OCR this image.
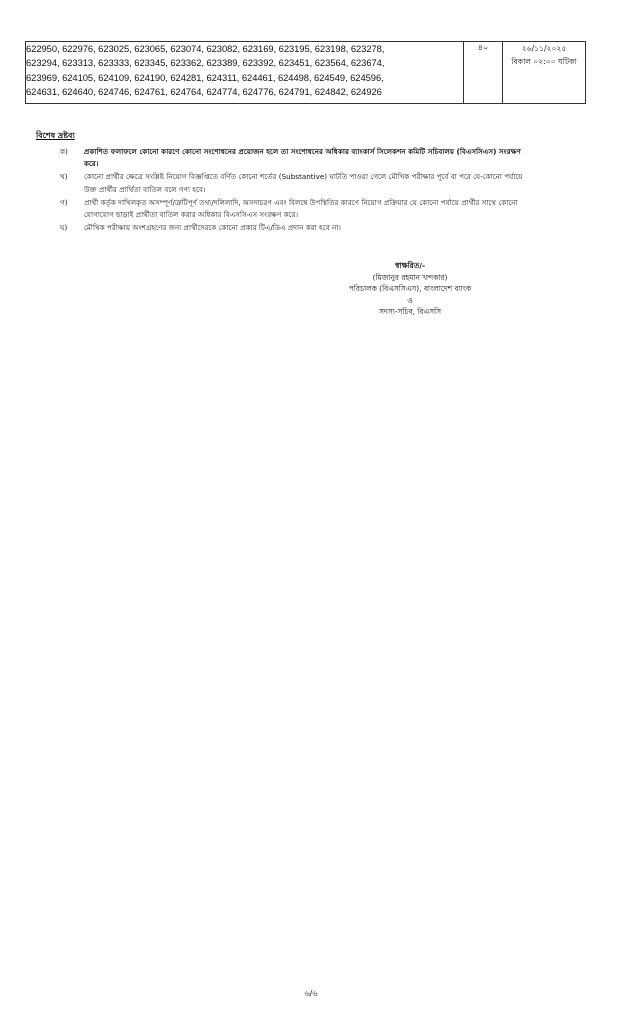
622950, 622976, 623025, 623065, 623074, 623082, 623169, 623195, 623198, 623278,
623294, 623313, 623333, 623345, 623362, 623389, 623392, 623451, 623564, 623674,
623969, 624105, 624109, 624190, 624281, 624311, 624461, 624498, 624549, 624596,
624631, 624640, 624746, 624761, 624764, 624774, 624776, 624791, 624842, 624926
	৪০	২৬/১১/২০২৫
বিকাল ০২:০০ ঘটিকা
বিশেষ দ্রষ্টব্য
ক)	প্রকাশিত ফলাফলে কোনো কারণে কোনো সংশোধনের প্রয়োজন হলে তা সংশোধনের অধিকার ব্যাংকার্স সিলেকশন কমিটি সচিবালয় (বিএসসিএস) সংরক্ষণ করে।
খ)	কোনো প্রার্থীর ক্ষেত্রে সংশ্লিষ্ট নিয়োগ বিজ্ঞপ্তিতে বর্ণিত কোনো শর্তের (Substantive) ঘাটতি পাওয়া গেলে মৌখিক পরীক্ষার পূর্বে বা পরে যে-কোনো পর্যায়ে উক্ত প্রার্থীর প্রার্থিতা বাতিল বলে গণ্য হবে।
গ)	প্রার্থী কর্তৃক দাখিলকৃত অসম্পূর্ণ/ত্রুটিপূর্ণ তথ্য/দলিলাদি, অসদাচরণ এবং বিলম্বে উপস্থিতির কারণে নিয়োগ প্রক্রিয়ার যে কোনো পর্যায়ে প্রার্থীর সাথে কোনো যোগাযোগ ছাড়াই প্রার্থীতা বাতিল করার অধিকার বিএসসিএস সংরক্ষণ করে।
ঘ)	মৌখিক পরীক্ষায় অংশগ্রহণের জন্য প্রার্থীদেরকে কোনো প্রকার টিএ/ডিএ প্রদান করা হবে না।
স্বাক্ষরিত/-
(মিজানুর রহমান খন্দকার)
পরিচালক (বিএসসিএস), বাংলাদেশ ব্যাংক
ও
সদস্য-সচিব, বিএসসি
৬/৬
